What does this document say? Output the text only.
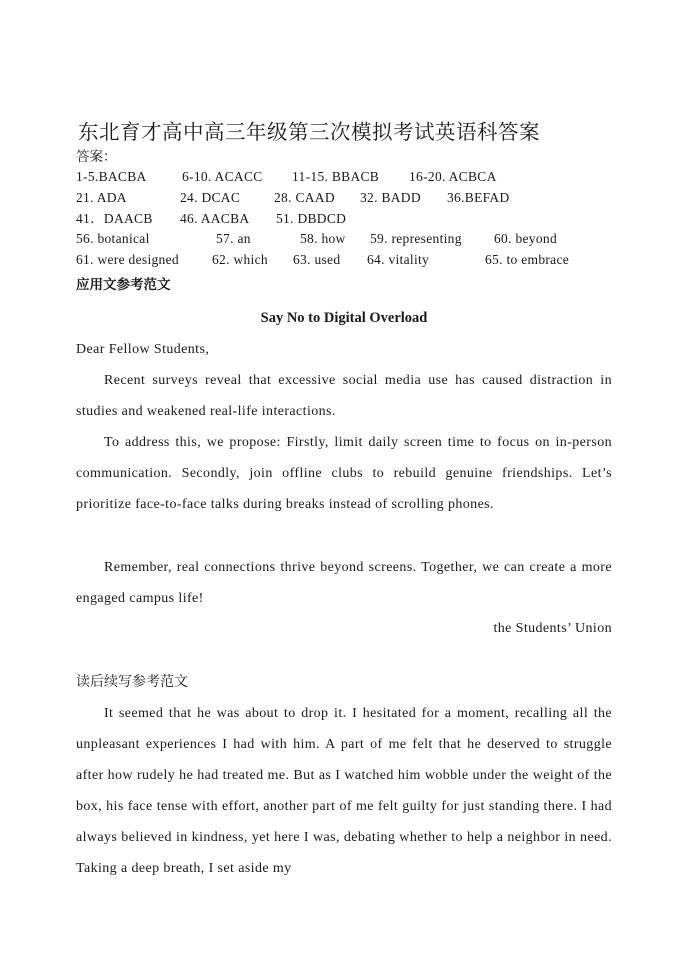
东北育才高中高三年级第三次模拟考试英语科答案
答案：
1-5.BACBA	6-10. ACACC 11-15. BBACB 16-20. ACBCA
21. ADA	24. DCAC	28. CAAD 32. BADD 36.BEFAD
41．DAACB 46. AACBA 51. DBDCD
56. botanical	57. an	58. how 59. representing 60. beyond
61. were designed 62. which 63. used 64. vitality	65. to embrace
应用文参考范文
Say No to Digital Overload

Dear Fellow Students,

Recent surveys reveal that excessive social media use has caused distraction in studies and weakened real-life interactions.

To address this, we propose: Firstly, limit daily screen time to focus on in-person communication. Secondly, join offline clubs to rebuild genuine friendships. Let’s prioritize face-to-face talks during breaks instead of scrolling phones.

Remember, real connections thrive beyond screens. Together, we can create a more engaged campus life!

the Students’ Union
读后续写参考范文

It seemed that he was about to drop it. I hesitated for a moment, recalling all the unpleasant experiences I had with him. A part of me felt that he deserved to struggle after how rudely he had treated me. But as I watched him wobble under the weight of the box, his face tense with effort, another part of me felt guilty for just standing there. I had always believed in kindness, yet here I was, debating whether to help a neighbor in need. Taking a deep breath, I set aside my
